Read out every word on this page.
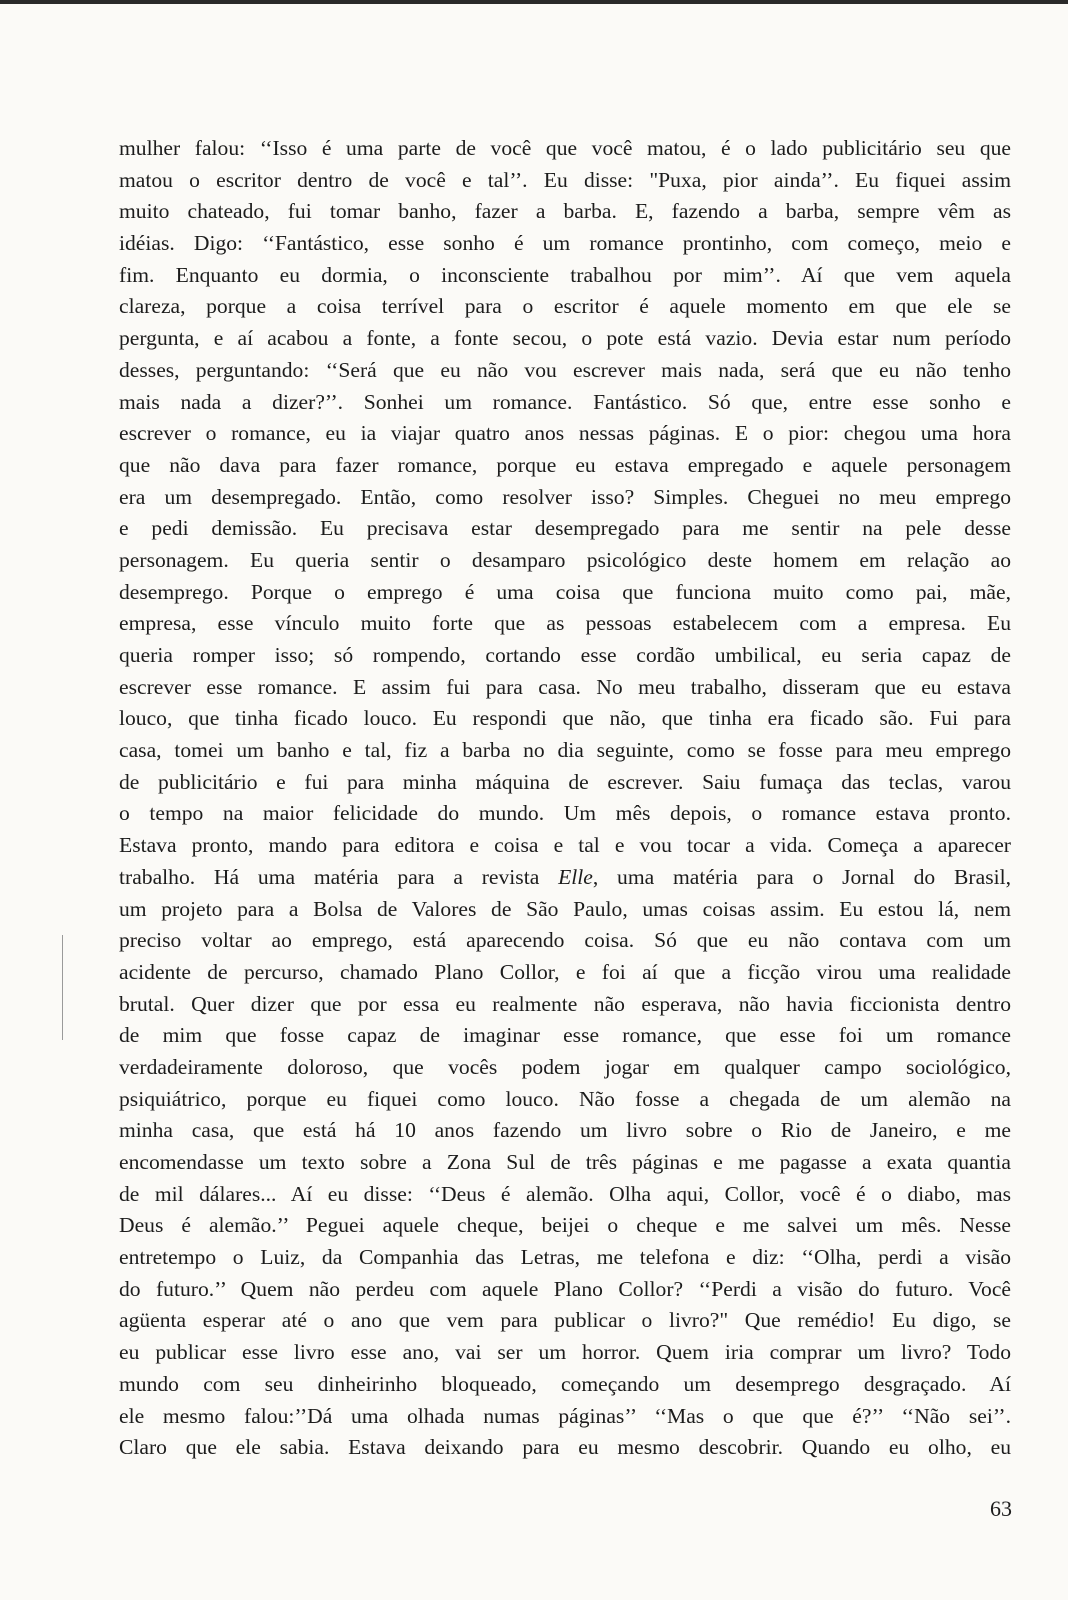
mulher falou: ‘‘Isso é uma parte de você que você matou, é o lado publicitário seu que
matou o escritor dentro de você e tal’’. Eu disse: "Puxa, pior ainda’’. Eu fiquei assim
muito chateado, fui tomar banho, fazer a barba. E, fazendo a barba, sempre vêm as
idéias. Digo: ‘‘Fantástico, esse sonho é um romance prontinho, com começo, meio e
fim. Enquanto eu dormia, o inconsciente trabalhou por mim’’. Aí que vem aquela
clareza, porque a coisa terrível para o escritor é aquele momento em que ele se
pergunta, e aí acabou a fonte, a fonte secou, o pote está vazio. Devia estar num período
desses, perguntando: ‘‘Será que eu não vou escrever mais nada, será que eu não tenho
mais nada a dizer?’’. Sonhei um romance. Fantástico. Só que, entre esse sonho e
escrever o romance, eu ia viajar quatro anos nessas páginas. E o pior: chegou uma hora
que não dava para fazer romance, porque eu estava empregado e aquele personagem
era um desempregado. Então, como resolver isso? Simples. Cheguei no meu emprego
e pedi demissão. Eu precisava estar desempregado para me sentir na pele desse
personagem. Eu queria sentir o desamparo psicológico deste homem em relação ao
desemprego. Porque o emprego é uma coisa que funciona muito como pai, mãe,
empresa, esse vínculo muito forte que as pessoas estabelecem com a empresa. Eu
queria romper isso; só rompendo, cortando esse cordão umbilical, eu seria capaz de
escrever esse romance. E assim fui para casa. No meu trabalho, disseram que eu estava
louco, que tinha ficado louco. Eu respondi que não, que tinha era ficado são. Fui para
casa, tomei um banho e tal, fiz a barba no dia seguinte, como se fosse para meu emprego
de publicitário e fui para minha máquina de escrever. Saiu fumaça das teclas, varou
o tempo na maior felicidade do mundo. Um mês depois, o romance estava pronto.
Estava pronto, mando para editora e coisa e tal e vou tocar a vida. Começa a aparecer
trabalho. Há uma matéria para a revista Elle, uma matéria para o Jornal do Brasil,
um projeto para a Bolsa de Valores de São Paulo, umas coisas assim. Eu estou lá, nem
preciso voltar ao emprego, está aparecendo coisa. Só que eu não contava com um
acidente de percurso, chamado Plano Collor, e foi aí que a ficção virou uma realidade
brutal. Quer dizer que por essa eu realmente não esperava, não havia ficcionista dentro
de mim que fosse capaz de imaginar esse romance, que esse foi um romance
verdadeiramente doloroso, que vocês podem jogar em qualquer campo sociológico,
psiquiátrico, porque eu fiquei como louco. Não fosse a chegada de um alemão na
minha casa, que está há 10 anos fazendo um livro sobre o Rio de Janeiro, e me
encomendasse um texto sobre a Zona Sul de três páginas e me pagasse a exata quantia
de mil dálares... Aí eu disse: ‘‘Deus é alemão. Olha aqui, Collor, você é o diabo, mas
Deus é alemão.’’ Peguei aquele cheque, beijei o cheque e me salvei um mês. Nesse
entretempo o Luiz, da Companhia das Letras, me telefona e diz: ‘‘Olha, perdi a visão
do futuro.’’ Quem não perdeu com aquele Plano Collor? ‘‘Perdi a visão do futuro. Você
agüenta esperar até o ano que vem para publicar o livro?" Que remédio! Eu digo, se
eu publicar esse livro esse ano, vai ser um horror. Quem iria comprar um livro? Todo
mundo com seu dinheirinho bloqueado, começando um desemprego desgraçado. Aí
ele mesmo falou:’’Dá uma olhada numas páginas’’ ‘‘Mas o que que é?’’ ‘‘Não sei’’.
Claro que ele sabia. Estava deixando para eu mesmo descobrir. Quando eu olho, eu
63
